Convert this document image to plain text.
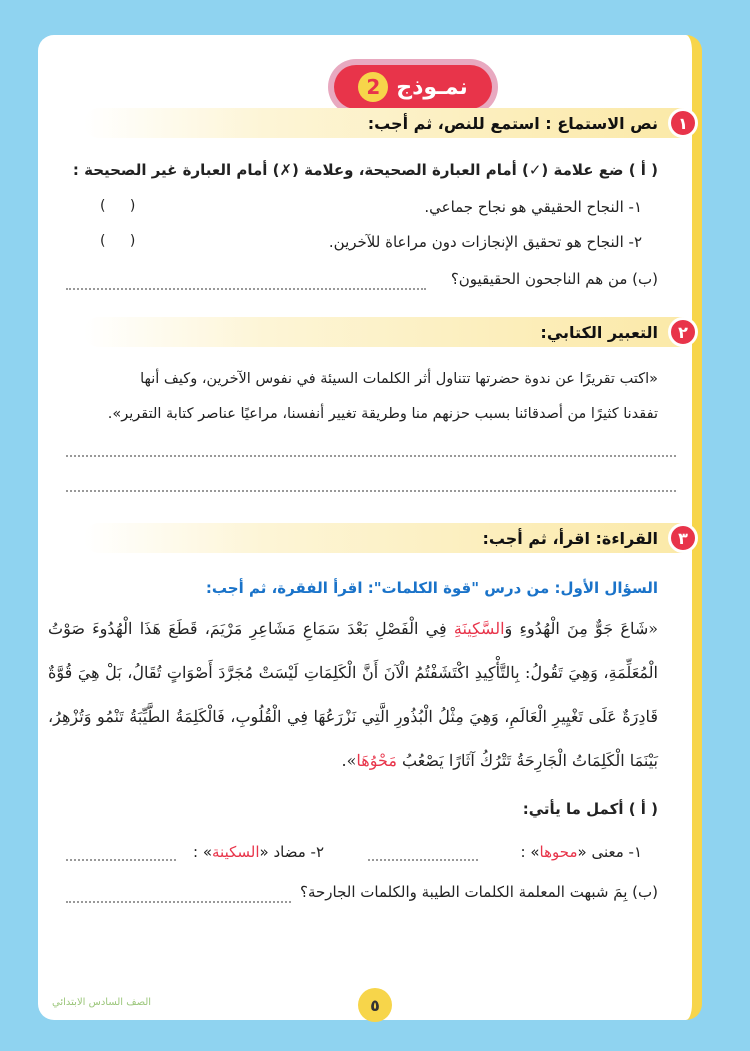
نمـوذج
2
١
نص الاستماع : استمع للنص، ثم أجب:
( أ ) ضع علامة (✓) أمام العبارة الصحيحة، وعلامة (✗) أمام العبارة غير الصحيحة :
١- النجاح الحقيقي هو نجاح جماعي.
( )
٢- النجاح هو تحقيق الإنجازات دون مراعاة للآخرين.
( )
(ب) من هم الناجحون الحقيقيون؟
٢
التعبير الكتابي:
«اكتب تقريرًا عن ندوة حضرتها تتناول أثر الكلمات السيئة في نفوس الآخرين، وكيف أنها
تفقدنا كثيرًا من أصدقائنا بسبب حزنهم منا وطريقة تغيير أنفسنا، مراعيًا عناصر كتابة التقرير».
٣
القراءة: اقرأ، ثم أجب:
السؤال الأول: من درس "قوة الكلمات": اقرأ الفقرة، ثم أجب:
«شَاعَ جَوٌّ مِنَ الْهُدُوءِ وَالسَّكِينَةِ فِي الْفَصْلِ بَعْدَ سَمَاعِ مَشَاعِرِ مَرْيَمَ، قَطَعَ هَذَا الْهُدُوءَ صَوْتُ الْمُعَلِّمَةِ، وَهِيَ تَقُولُ: بِالتَّأْكِيدِ اكْتَشَفْتُمُ الْآنَ أَنَّ الْكَلِمَاتِ لَيْسَتْ مُجَرَّدَ أَصْوَاتٍ تُقَالُ، بَلْ هِيَ قُوَّةٌ قَادِرَةٌ عَلَى تَغْيِيرِ الْعَالَمِ، وَهِيَ مِثْلُ الْبُذُورِ الَّتِي نَزْرَعُهَا فِي الْقُلُوبِ، فَالْكَلِمَةُ الطَّيِّبَةُ تَنْمُو وَتُزْهِرُ، بَيْنَمَا الْكَلِمَاتُ الْجَارِحَةُ تَتْرُكُ آثَارًا يَصْعُبُ مَحْوُهَا».
( أ ) أكمل ما يأتي:
١- معنى «محوها» :
٢- مضاد «السكينة» :
(ب) بِمَ شبهت المعلمة الكلمات الطيبة والكلمات الجارحة؟
٥
الصف السادس الابتدائي
